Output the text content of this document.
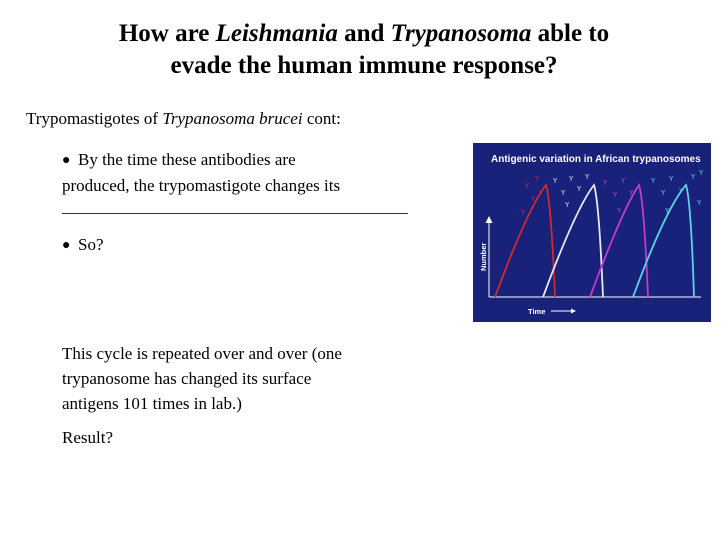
How are Leishmania and Trypanosoma able to
evade the human immune response?
Trypomastigotes of Trypanosoma brucei cont:
● By the time these antibodies are
produced, the trypomastigote changes its
● So?
This cycle is repeated over and over (one
trypanosome has changed its surface
antigens 101 times in lab.)
Result?
Antigenic variation in African trypanosomes
Number
Time
Y
Y
Y
Y
Y
Y
Y
Y
Y
Y
Y
Y
Y
Y
Y
Y
Y
Y
Y
Y
Y Y
Y
Y
